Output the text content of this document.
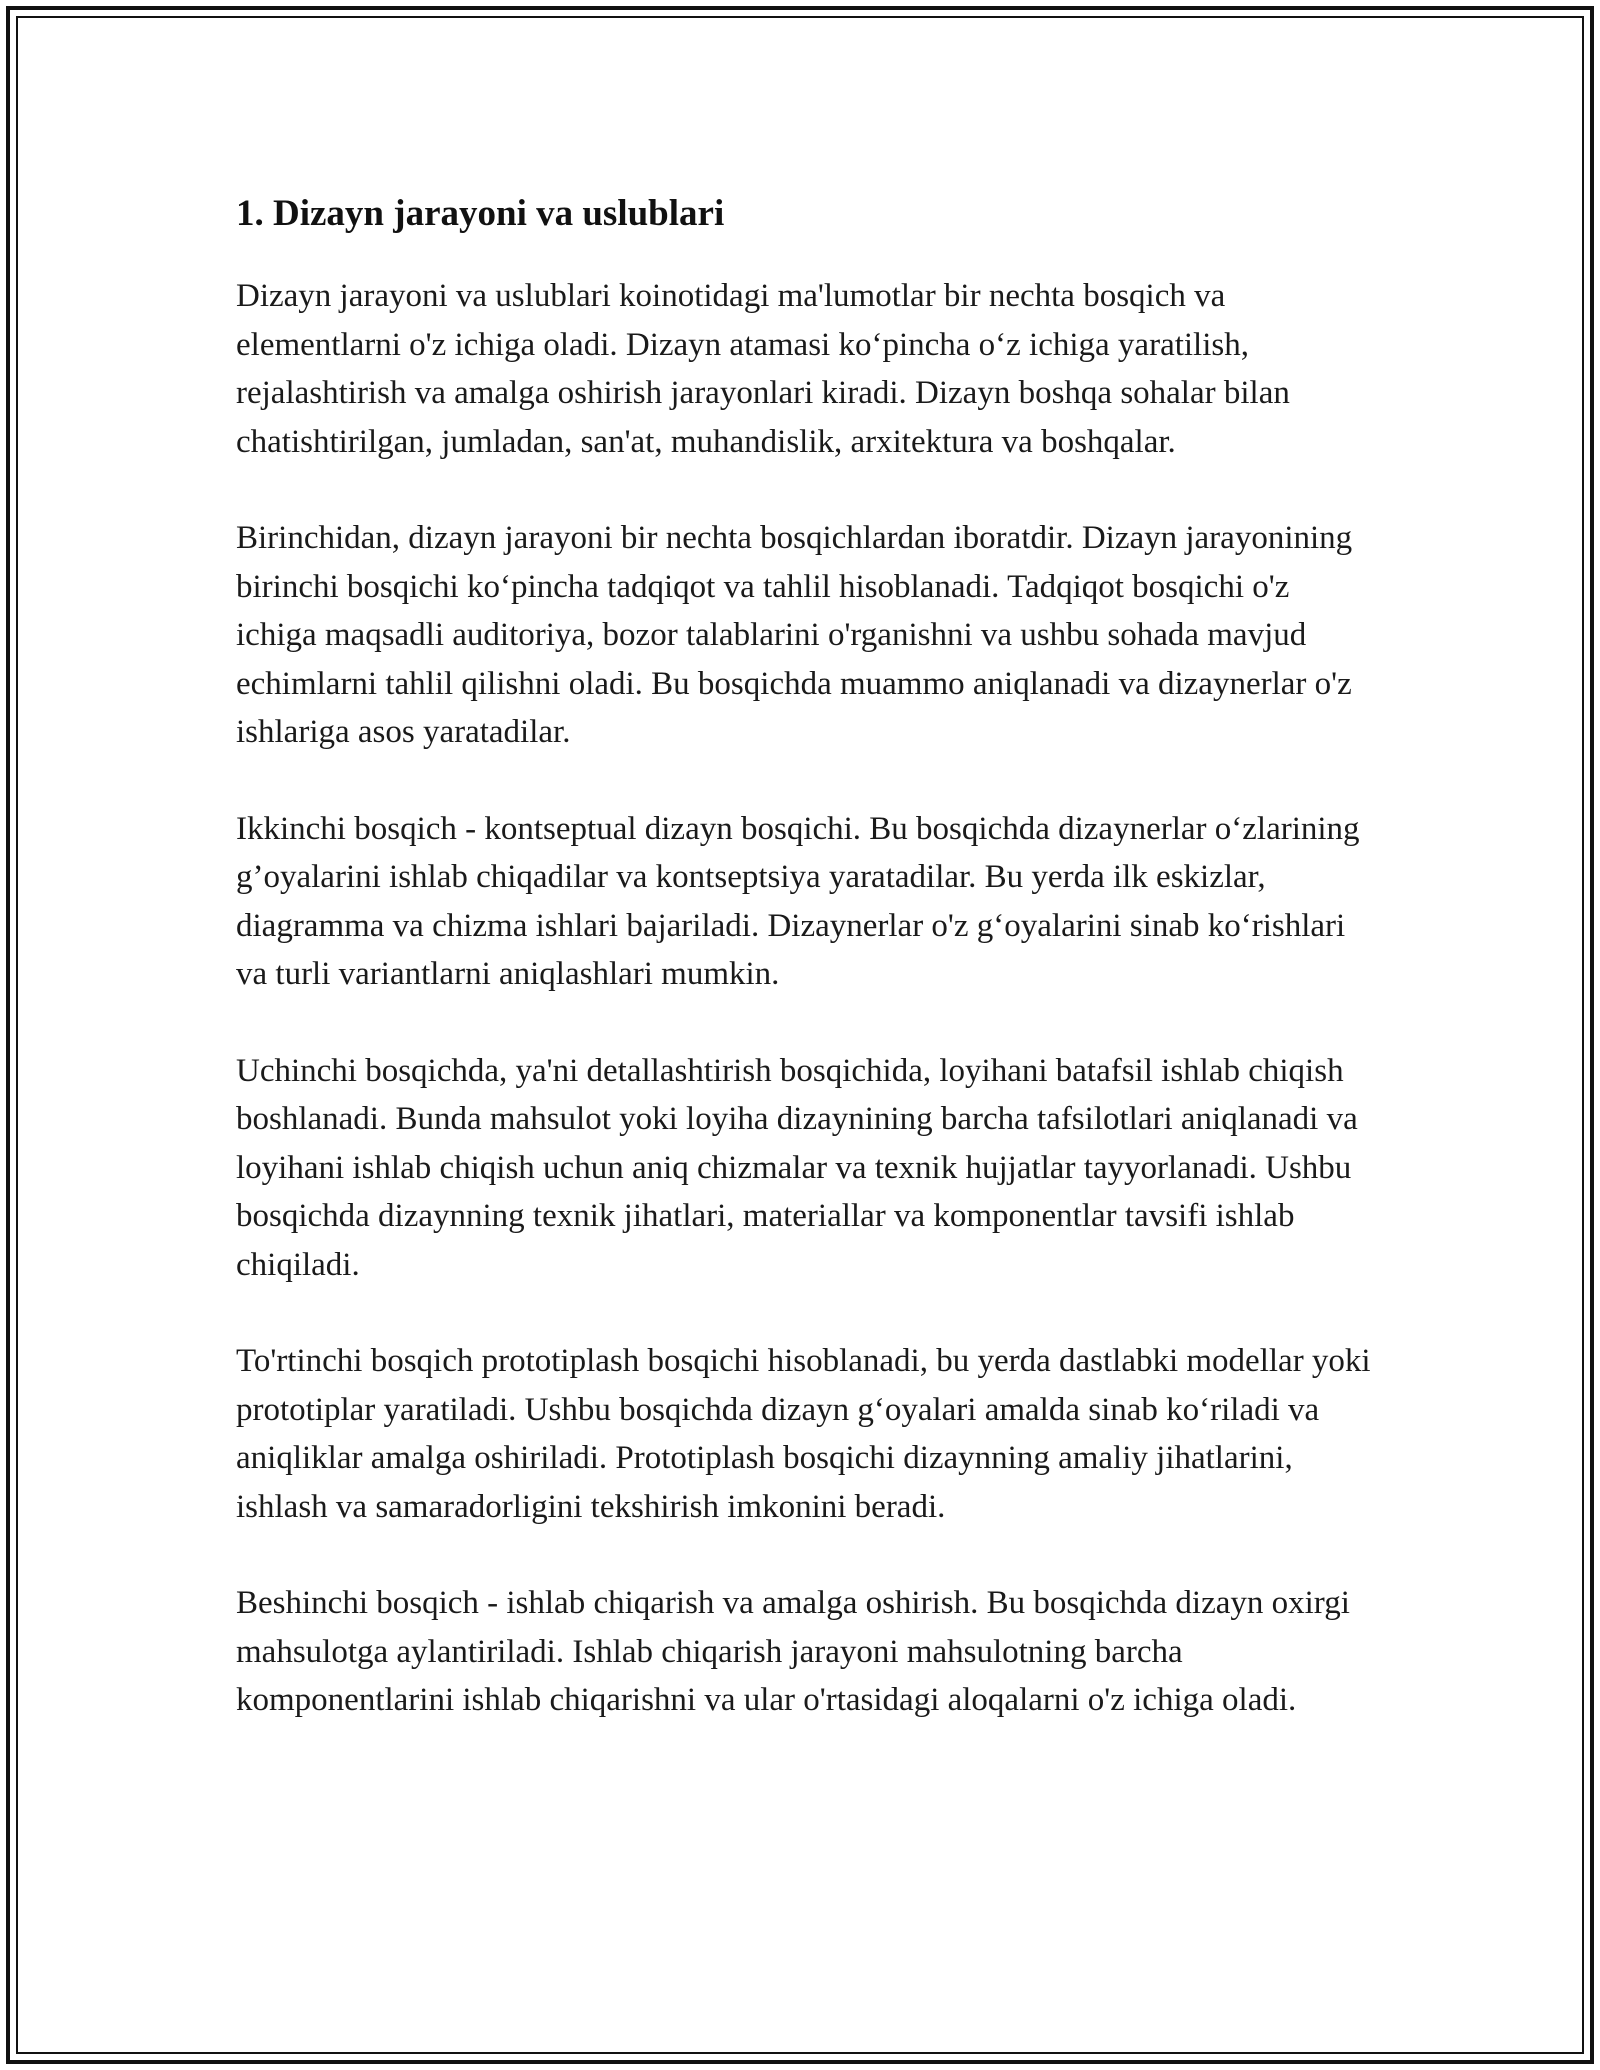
1. Dizayn jarayoni va uslublari

Dizayn jarayoni va uslublari koinotidagi ma'lumotlar bir nechta bosqich va elementlarni o'z ichiga oladi. Dizayn atamasi koʻpincha oʻz ichiga yaratilish, rejalashtirish va amalga oshirish jarayonlari kiradi. Dizayn boshqa sohalar bilan chatishtirilgan, jumladan, san'at, muhandislik, arxitektura va boshqalar.

Birinchidan, dizayn jarayoni bir nechta bosqichlardan iboratdir. Dizayn jarayonining birinchi bosqichi koʻpincha tadqiqot va tahlil hisoblanadi. Tadqiqot bosqichi o'z ichiga maqsadli auditoriya, bozor talablarini o'rganishni va ushbu sohada mavjud echimlarni tahlil qilishni oladi. Bu bosqichda muammo aniqlanadi va dizaynerlar o'z ishlariga asos yaratadilar.

Ikkinchi bosqich - kontseptual dizayn bosqichi. Bu bosqichda dizaynerlar oʻzlarining g’oyalarini ishlab chiqadilar va kontseptsiya yaratadilar. Bu yerda ilk eskizlar, diagramma va chizma ishlari bajariladi. Dizaynerlar o'z gʻoyalarini sinab koʻrishlari va turli variantlarni aniqlashlari mumkin.

Uchinchi bosqichda, ya'ni detallashtirish bosqichida, loyihani batafsil ishlab chiqish boshlanadi. Bunda mahsulot yoki loyiha dizaynining barcha tafsilotlari aniqlanadi va loyihani ishlab chiqish uchun aniq chizmalar va texnik hujjatlar tayyorlanadi. Ushbu bosqichda dizaynning texnik jihatlari, materiallar va komponentlar tavsifi ishlab chiqiladi.

To'rtinchi bosqich prototiplash bosqichi hisoblanadi, bu yerda dastlabki modellar yoki prototiplar yaratiladi. Ushbu bosqichda dizayn gʻoyalari amalda sinab koʻriladi va aniqliklar amalga oshiriladi. Prototiplash bosqichi dizaynning amaliy jihatlarini, ishlash va samaradorligini tekshirish imkonini beradi.

Beshinchi bosqich - ishlab chiqarish va amalga oshirish. Bu bosqichda dizayn oxirgi mahsulotga aylantiriladi. Ishlab chiqarish jarayoni mahsulotning barcha komponentlarini ishlab chiqarishni va ular o'rtasidagi aloqalarni o'z ichiga oladi.
